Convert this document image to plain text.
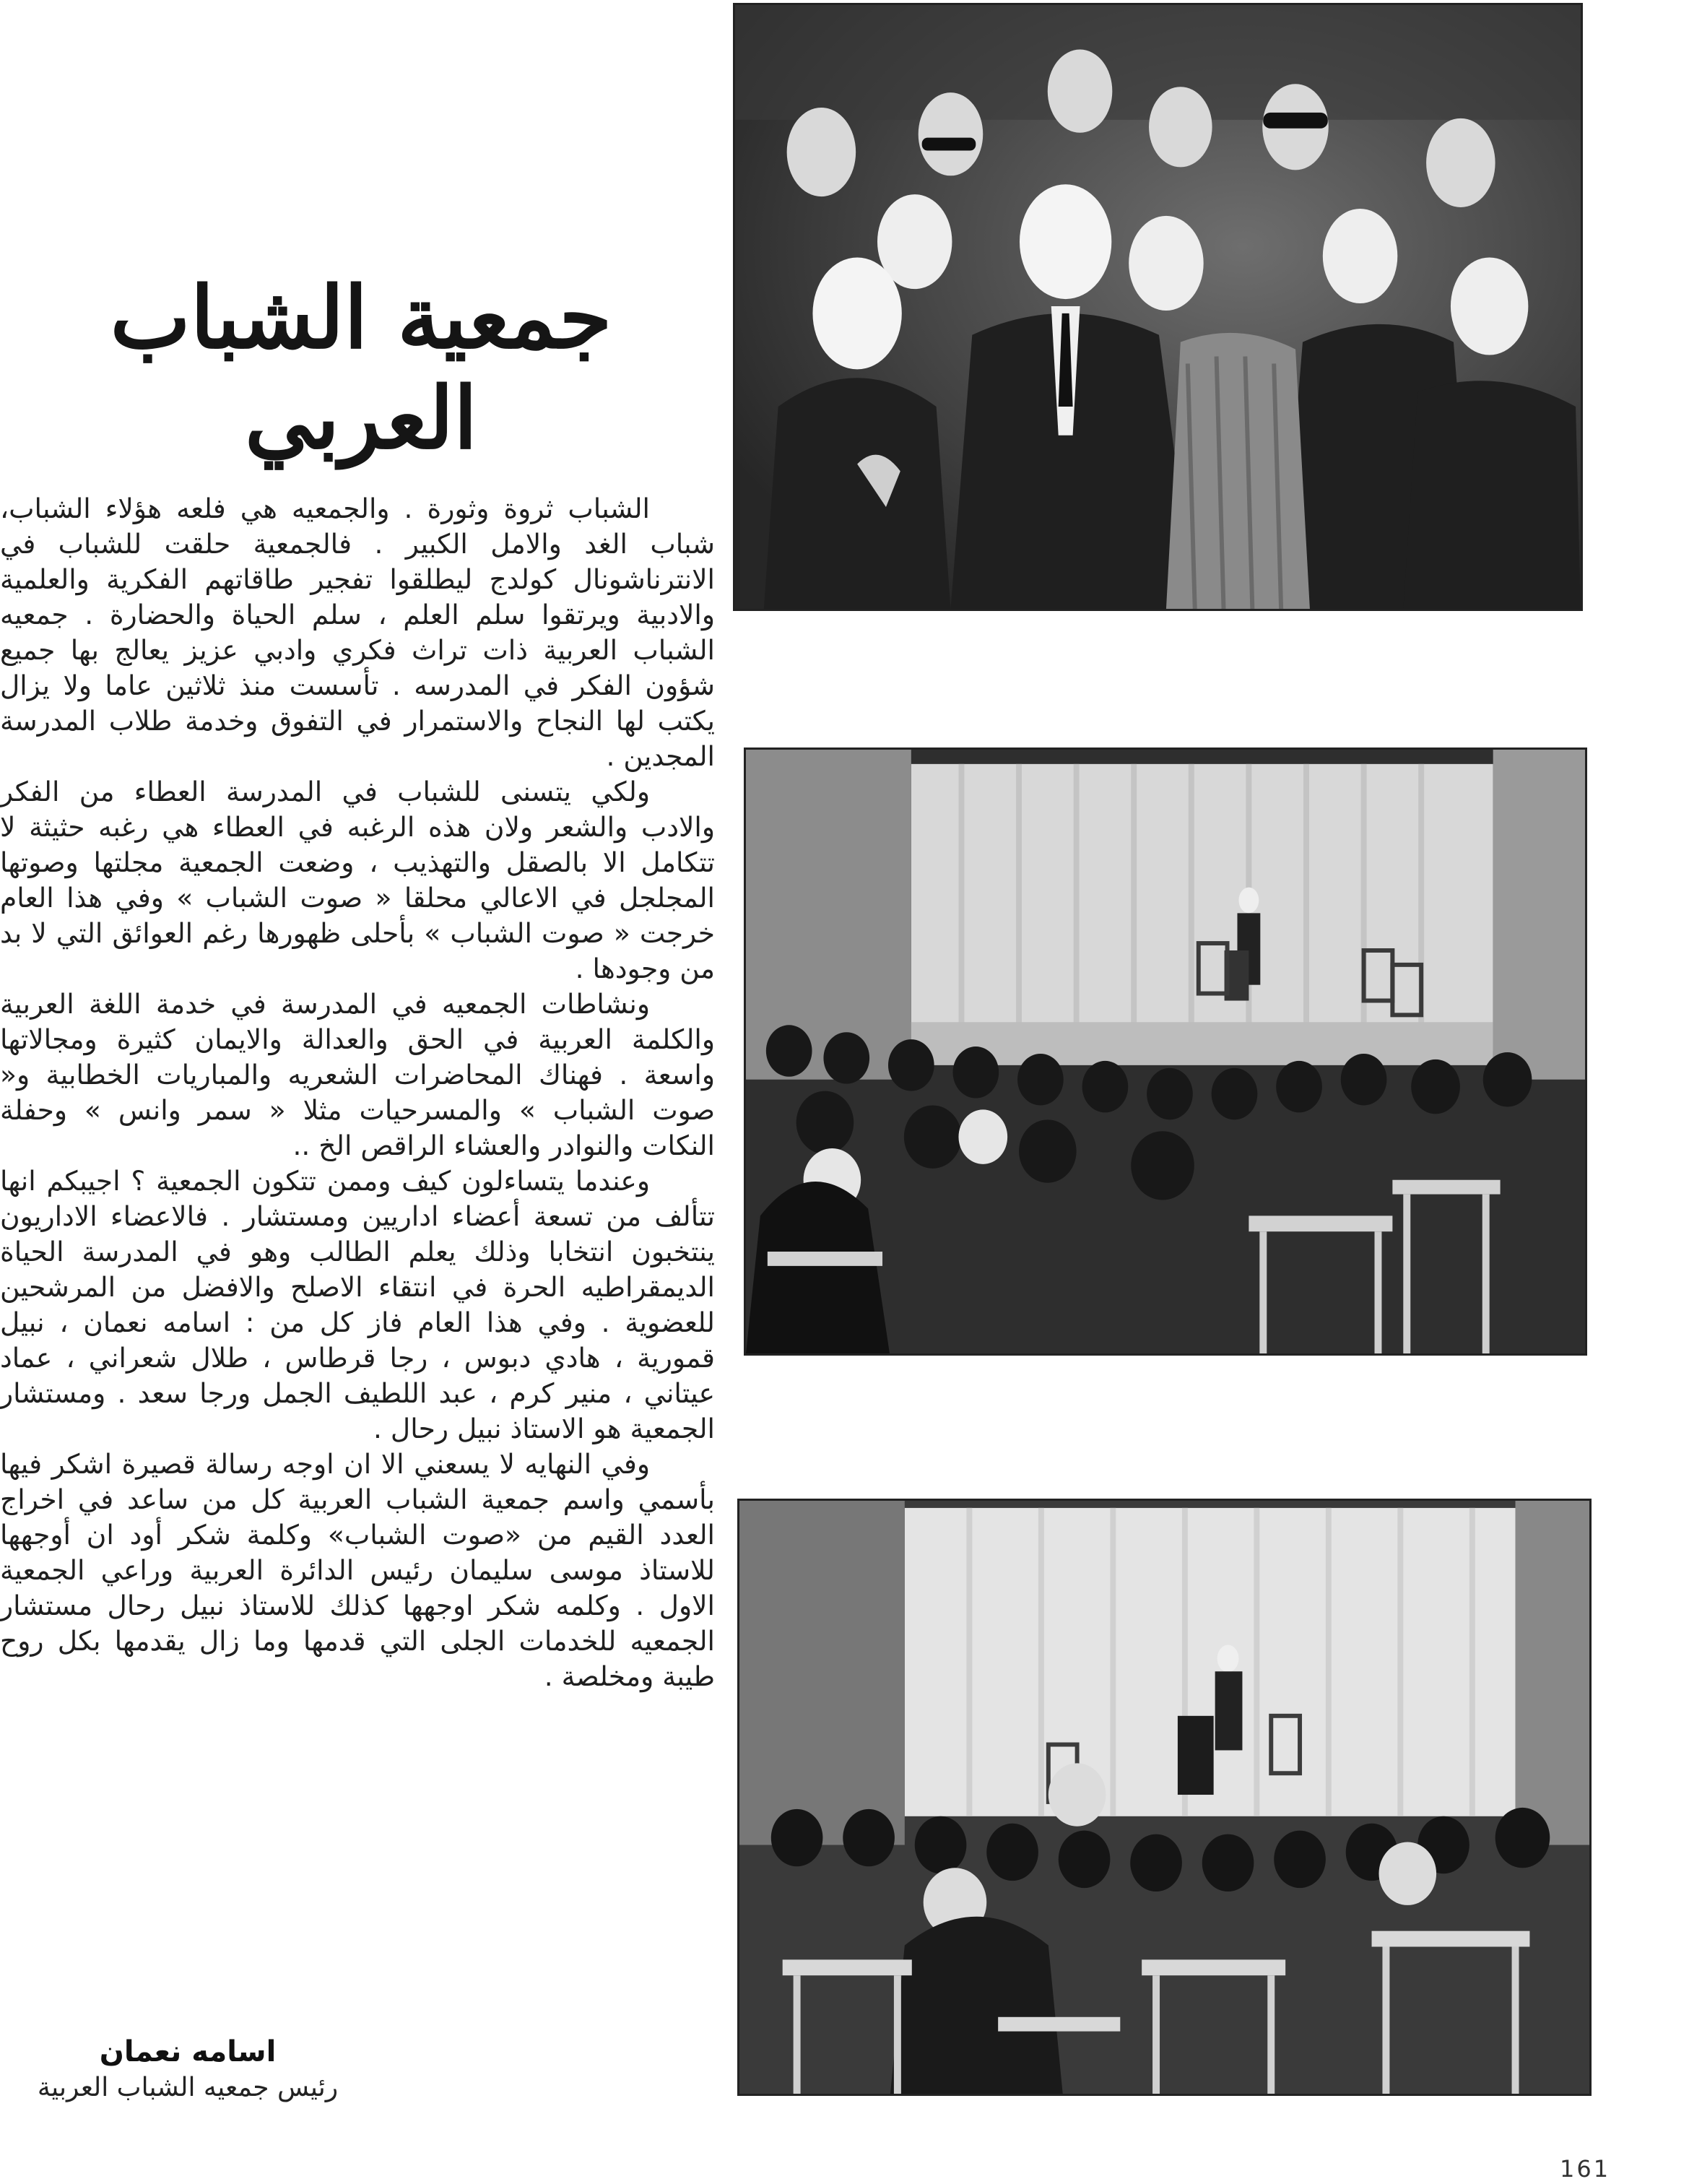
جمعية الشباب العربي

الشباب ثروة وثورة . والجمعيه هي فلعه هؤلاء الشباب، شباب الغد والامل الكبير . فالجمعية حلقت للشباب في الانترناشونال كولدج ليطلقوا تفجير طاقاتهم الفكرية والعلمية والادبية ويرتقوا سلم العلم ، سلم الحياة والحضارة . جمعيه الشباب العربية ذات تراث فكري وادبي عزيز يعالج بها جميع شؤون الفكر في المدرسه . تأسست منذ ثلاثين عاما ولا يزال يكتب لها النجاح والاستمرار في التفوق وخدمة طلاب المدرسة المجدين .

ولكي يتسنى للشباب في المدرسة العطاء من الفكر والادب والشعر ولان هذه الرغبه في العطاء هي رغبه حثيثة لا تتكامل الا بالصقل والتهذيب ، وضعت الجمعية مجلتها وصوتها المجلجل في الاعالي محلقا « صوت الشباب » وفي هذا العام خرجت « صوت الشباب » بأحلى ظهورها رغم العوائق التي لا بد من وجودها .

ونشاطات الجمعيه في المدرسة في خدمة اللغة العربية والكلمة العربية في الحق والعدالة والايمان كثيرة ومجالاتها واسعة . فهناك المحاضرات الشعريه والمباريات الخطابية و« صوت الشباب » والمسرحيات مثلا « سمر وانس » وحفلة النكات والنوادر والعشاء الراقص الخ ..

وعندما يتساءلون كيف وممن تتكون الجمعية ؟ اجيبكم انها تتألف من تسعة أعضاء اداريين ومستشار . فالاعضاء الاداريون ينتخبون انتخابا وذلك يعلم الطالب وهو في المدرسة الحياة الديمقراطيه الحرة في انتقاء الاصلح والافضل من المرشحين للعضوية . وفي هذا العام فاز كل من : اسامه نعمان ، نبيل قمورية ، هادي دبوس ، رجا قرطاس ، طلال شعراني ، عماد عيتاني ، منير كرم ، عبد اللطيف الجمل ورجا سعد . ومستشار الجمعية هو الاستاذ نبيل رحال .

وفي النهايه لا يسعني الا ان اوجه رسالة قصيرة اشكر فيها بأسمي واسم جمعية الشباب العربية كل من ساعد في اخراج العدد القيم من «صوت الشباب» وكلمة شكر أود ان أوجهها للاستاذ موسى سليمان رئيس الدائرة العربية وراعي الجمعية الاول . وكلمه شكر اوجهها كذلك للاستاذ نبيل رحال مستشار الجمعيه للخدمات الجلى التي قدمها وما زال يقدمها بكل روح طيبة ومخلصة .

اسامه نعمان
رئيس جمعيه الشباب العربية
161
